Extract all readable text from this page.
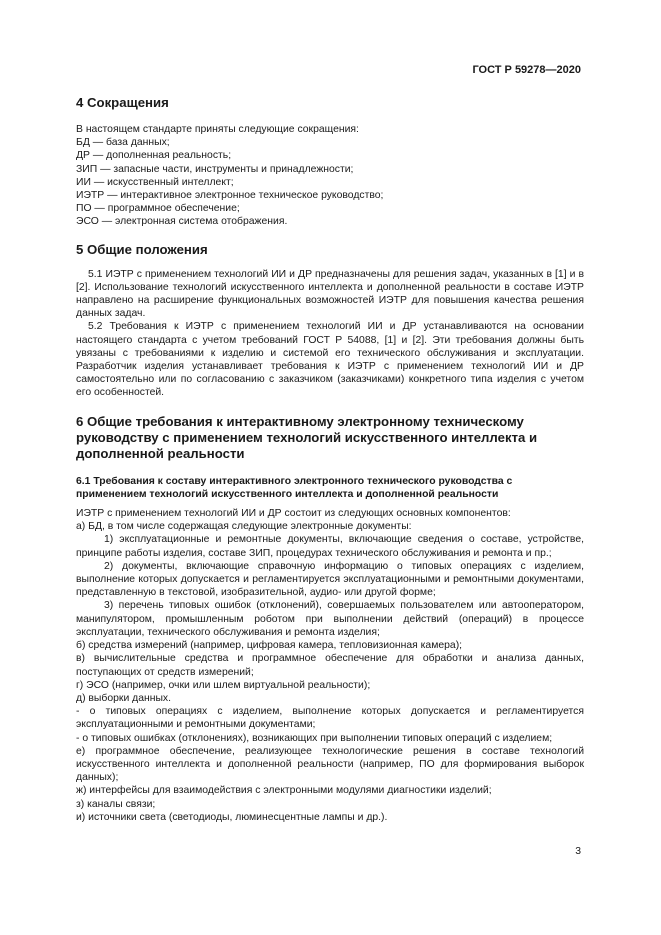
ГОСТ Р 59278—2020
4 Сокращения

В настоящем стандарте приняты следующие сокращения:

БД — база данных;

ДР — дополненная реальность;

ЗИП — запасные части, инструменты и принадлежности;

ИИ — искусственный интеллект;

ИЭТР — интерактивное электронное техническое руководство;

ПО — программное обеспечение;

ЭСО — электронная система отображения.

5 Общие положения

5.1 ИЭТР с применением технологий ИИ и ДР предназначены для решения задач, указанных в [1] и в [2]. Использование технологий искусственного интеллекта и дополненной реальности в составе ИЭТР направлено на расширение функциональных возможностей ИЭТР для повышения качества решения данных задач.

5.2 Требования к ИЭТР с применением технологий ИИ и ДР устанавливаются на основании настоящего стандарта с учетом требований ГОСТ Р 54088, [1] и [2]. Эти требования должны быть увязаны с требованиями к изделию и системой его технического обслуживания и эксплуатации. Разработчик изделия устанавливает требования к ИЭТР с применением технологий ИИ и ДР самостоятельно или по согласованию с заказчиком (заказчиками) конкретного типа изделия с учетом его особенностей.

6 Общие требования к интерактивному электронному техническому руководству с применением технологий искусственного интеллекта и дополненной реальности
6.1 Требования к составу интерактивного электронного технического руководства с применением технологий искусственного интеллекта и дополненной реальности

ИЭТР с применением технологий ИИ и ДР состоит из следующих основных компонентов:

а) БД, в том числе содержащая следующие электронные документы:

1) эксплуатационные и ремонтные документы, включающие сведения о составе, устройстве, принципе работы изделия, составе ЗИП, процедурах технического обслуживания и ремонта и пр.;

2) документы, включающие справочную информацию о типовых операциях с изделием, выполнение которых допускается и регламентируется эксплуатационными и ремонтными документами, представленную в текстовой, изобразительной, аудио- или другой форме;

3) перечень типовых ошибок (отклонений), совершаемых пользователем или автооператором, манипулятором, промышленным роботом при выполнении действий (операций) в процессе эксплуатации, технического обслуживания и ремонта изделия;

б) средства измерений (например, цифровая камера, тепловизионная камера);

в) вычислительные средства и программное обеспечение для обработки и анализа данных, поступающих от средств измерений;

г) ЭСО (например, очки или шлем виртуальной реальности);

д) выборки данных.

- о типовых операциях с изделием, выполнение которых допускается и регламентируется эксплуатационными и ремонтными документами;

- о типовых ошибках (отклонениях), возникающих при выполнении типовых операций с изделием;

е) программное обеспечение, реализующее технологические решения в составе технологий искусственного интеллекта и дополненной реальности (например, ПО для формирования выборок данных);

ж) интерфейсы для взаимодействия с электронными модулями диагностики изделий;

з) каналы связи;

и) источники света (светодиоды, люминесцентные лампы и др.).

3
